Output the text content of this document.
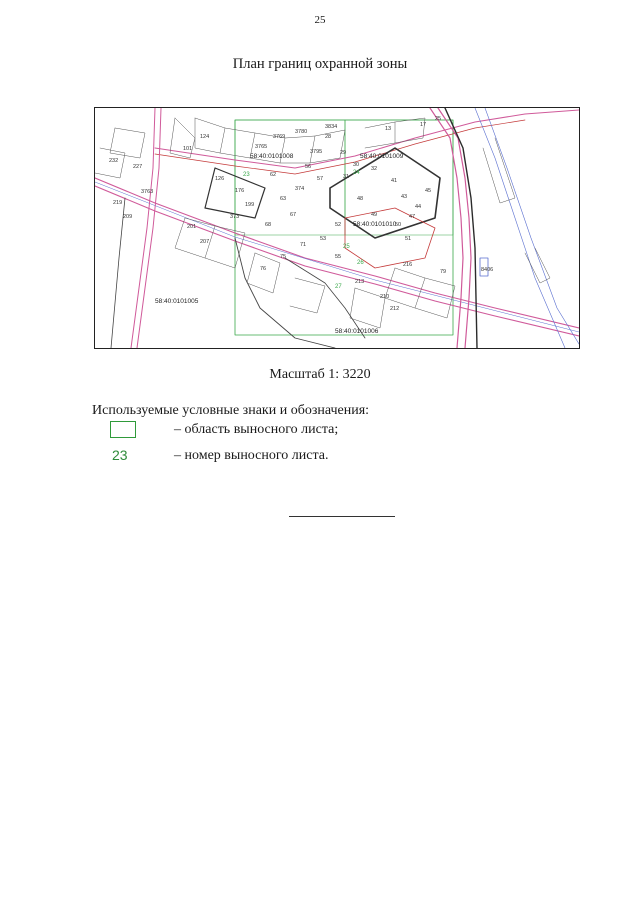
25
План границ охранной зоны
374
373
210
212
213
216
13
17
25
28
29
30
31
32
41
43
44
45
47
48
49
50
51
52
53
55
56
57
62
63
67
68
71
75
76	79
101
124
126
176
199
201
207
209
219
227
232
3763
3765
3769
3780
3795
3834
8406
58:40:0101008	58:40:0101009
58:40:0101010
58:40:0101005
58:40:0101006
23	24
25
26
27
Масштаб 1: 3220
Используемые условные знаки и обозначения:
– область выносного листа;
23	– номер выносного листа.
